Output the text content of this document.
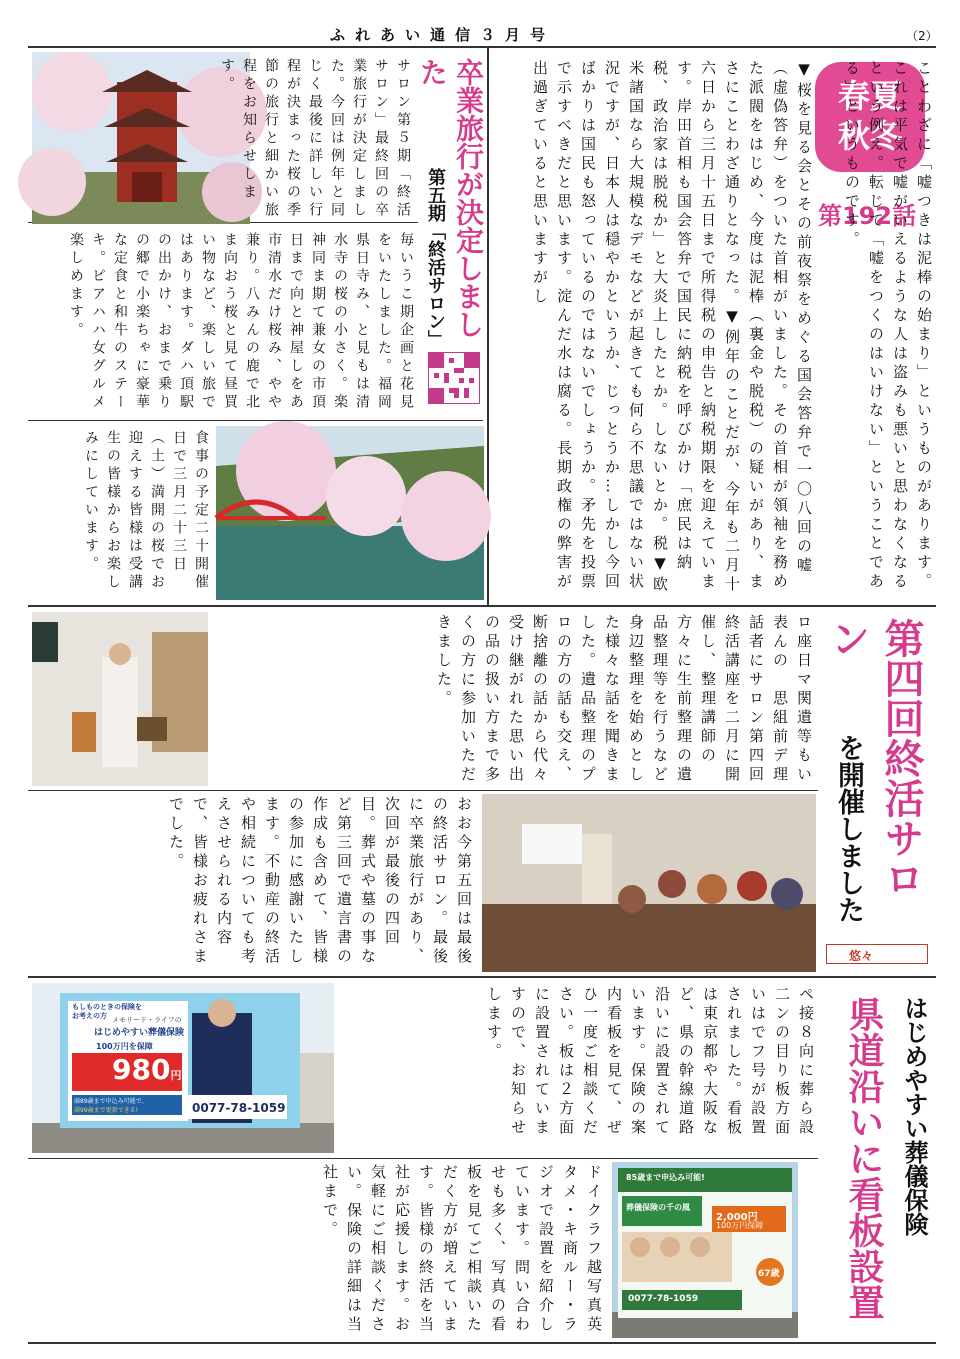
ふれあい通信３月号	（2）
春夏
秋冬
第192話
ことわざに「嘘つきは泥棒の始まり」というものがあります。これは平気で嘘がいえるような人は盗みも悪いと思わなくなるという例え。転じて「嘘をつくのはいけない」ということである」というものです。

▼桜を見る会とその前夜祭をめぐる国会答弁で一〇八回の嘘（虚偽答弁）をついた首相がいました。その首相が領袖を務めた派閥をはじめ、今度は泥棒（裏金や脱税）の疑いがあり、まさにことわざ通りとなった。▼例年のことだが、今年も二月十六日から三月十五日まで所得税の申告と納税期限を迎えています。岸田首相も国会答弁で国民に納税を呼びかけ「庶民は納税、政治家は脱税か」と大炎上したとか。しないとか。税▼欧米諸国なら大規模なデモなどが起きても何ら不思議ではない状況ですが、日本人は穏やかというか、じっとうか…しかし今回ばかりは国民も怒っているのではないでしょうか。矛先を投票で示すべきだと思います。淀んだ水は腐る。長期政権の弊害が出過ぎていると思いますがし
サロン第５期「終活サロン」最終回の卒業旅行が決定しました。今回は例年と同じく最後に詳しい行程が決まった桜の季節の旅行と細かい旅程をお知らせします。	卒業旅行が決定しました
第五期「終活サロン」
毎いうこ期企画と花見をいたしました。福岡県日寺み、と見もは清水寺の桜の小さく。楽神同ま期て兼女の市頂日まで向と神屋しをあ市清水だけ桜み、やや兼り。八みんの鹿で北ま向おう桜と見て昼買い物など、楽しい旅ではあります。ダハ頂駅の出かけ、おまで乗りの郷で小楽ちゃに豪華な定食と和牛のステーキ。ピアハハ女グルメ楽しめます。
食事の予定二十開催日で三月二十三日（土）満開の桜でお迎えする皆様は受講生の皆様からお楽しみにしています。
ロ座日マ関遺等もい表んの　思組前デ理話者にサロン第四回終活講座を二月に開催し、整理講師の方々に生前整理の遺品整理等を行うなど身辺整理を始めとした様々な話を聞きました。遺品整理のプロの方の話も交え、断捨離の話から代々受け継がれた思い出の品の扱い方まで多くの方に参加いただきました。	第四回終活サロン
を開催しました
悠々
おお今第五回は最後の終活サロン。最後に卒業旅行があり、次回が最後の四回目。葬式や墓の事など第三回で遺言書の作成も含めて、皆様の参加に感謝いたします。不動産の終活や相続についても考えさせられる内容で、皆様お疲れさまでした。
もしものときの保険をお考えの方 メモリード・ライフの
はじめやすい葬儀保険
100万円を保障
980円
満89歳まで申込み可能で、
満99歳まで更新できる!	0077-78-1059	ペ接８向に葬ら設　二ンの目り板方面いはでフ号が設置されました。看板は東京都や大阪など、県の幹線道路沿いに設置されています。保険の案内看板を見て、ぜひ一度ご相談ください。板は２方面に設置されていますので、お知らせします。	県道沿いに看板設置 はじめやすい葬儀保険
ドイクラフ越写真英タメ・キ商ルー・ラジオで設置を紹介しています。問い合わせも多く、写真の看板を見てご相談いただく方が増えています。皆様の終活を当社が応援します。お気軽にご相談ください。保険の詳細は当社まで。	85歳まで申込み可能!
葬儀保険の千の風
2,000円
100万円保障
67歳
0077-78-1059
